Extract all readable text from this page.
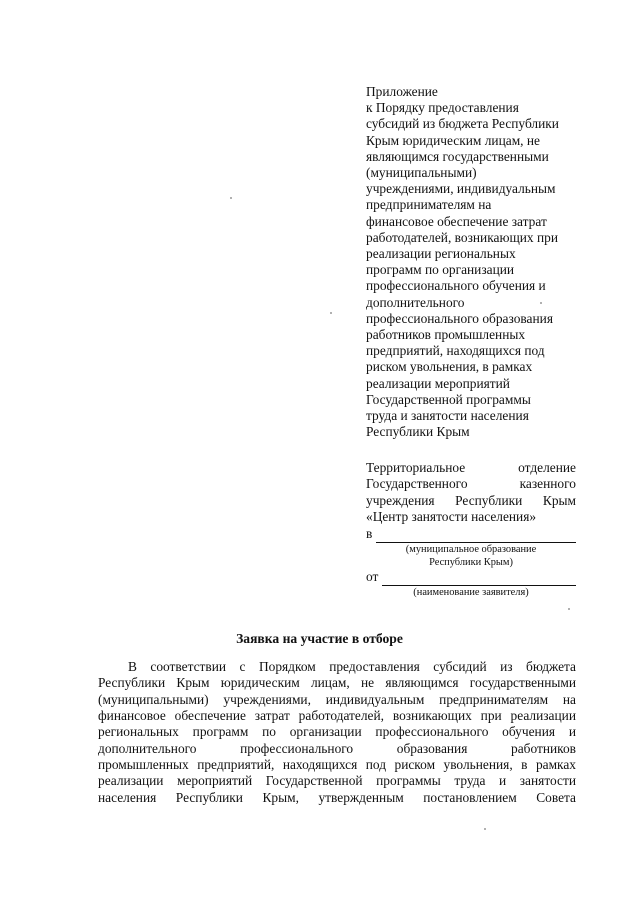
Приложение
к Порядку предоставления
субсидий из бюджета Республики
Крым юридическим лицам, не
являющимся государственными
(муниципальными)
учреждениями, индивидуальным
предпринимателям на
финансовое обеспечение затрат
работодателей, возникающих при
реализации региональных
программ по организации
профессионального обучения и
дополнительного
профессионального образования
работников промышленных
предприятий, находящихся под
риском увольнения, в рамках
реализации мероприятий
Государственной программы
труда и занятости населения
Республики Крым
Территориальное отделение
Государственного казенного
учреждения Республики Крым
«Центр занятости населения»
в
(муниципальное образование
Республики Крым)
от
(наименование заявителя)
Заявка на участие в отборе
В соответствии с Порядком предоставления субсидий из бюджета
Республики Крым юридическим лицам, не являющимся государственными
(муниципальными) учреждениями, индивидуальным предпринимателям на
финансовое обеспечение затрат работодателей, возникающих при реализации
региональных программ по организации профессионального обучения и
дополнительного профессионального образования работников
промышленных предприятий, находящихся под риском увольнения, в рамках
реализации мероприятий Государственной программы труда и занятости
населения Республики Крым, утвержденным постановлением Совета
